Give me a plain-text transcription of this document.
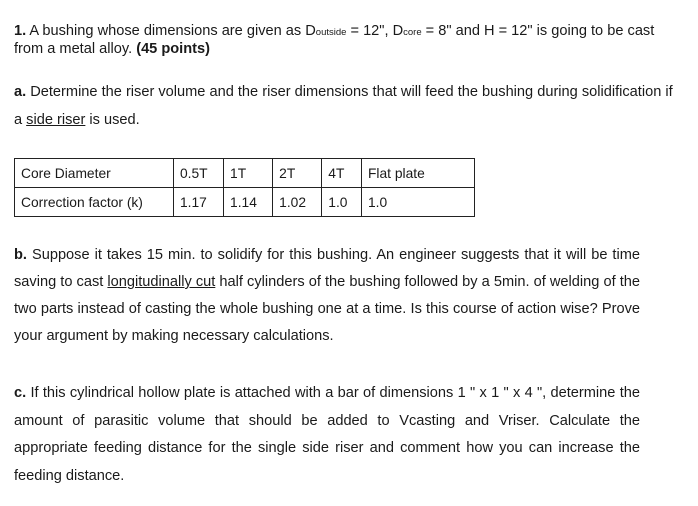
1. A bushing whose dimensions are given as Doutside = 12", Dcore = 8" and H = 12" is going to be cast from a metal alloy. (45 points)
a. Determine the riser volume and the riser dimensions that will feed the bushing during solidification if a side riser is used.
Core Diameter	0.5T	1T	2T	4T	Flat plate
Correction factor (k)	1.17	1.14	1.02	1.0	1.0
b. Suppose it takes 15 min. to solidify for this bushing. An engineer suggests that it will be time saving to cast longitudinally cut half cylinders of the bushing followed by a 5min. of welding of the two parts instead of casting the whole bushing one at a time. Is this course of action wise? Prove your argument by making necessary calculations.
c. If this cylindrical hollow plate is attached with a bar of dimensions 1 " x 1 " x 4 ", determine the amount of parasitic volume that should be added to Vcasting and Vriser. Calculate the appropriate feeding distance for the single side riser and comment how you can increase the feeding distance.
